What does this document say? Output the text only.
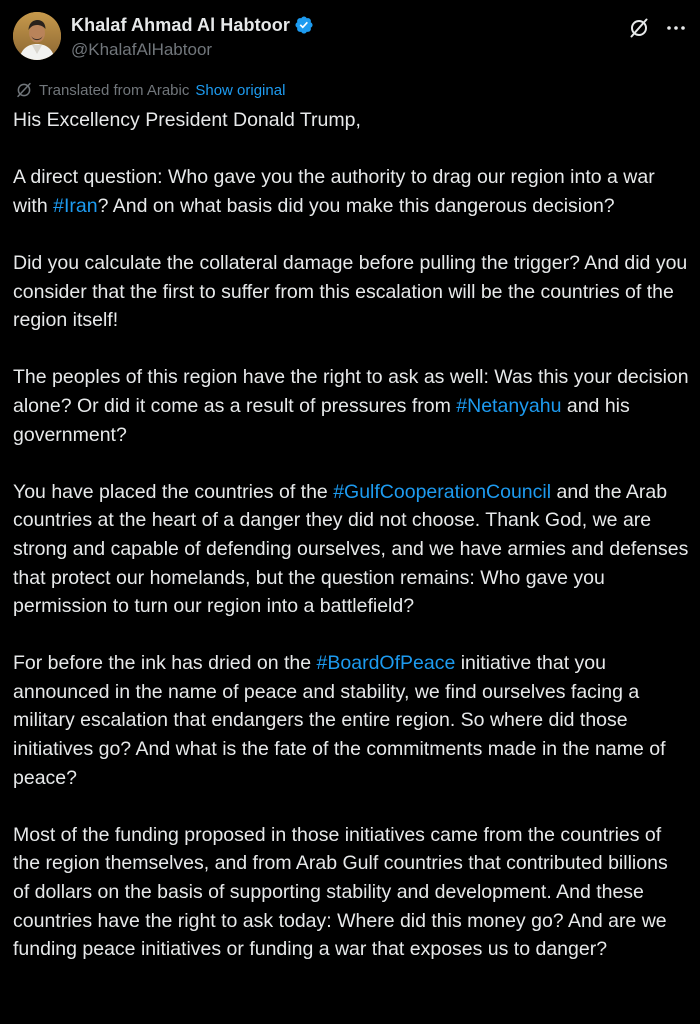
Khalaf Ahmad Al Habtoor
@KhalafAlHabtoor
Translated from Arabic Show original

His Excellency President Donald Trump,

A direct question: Who gave you the authority to drag our region into a war with #Iran? And on what basis did you make this dangerous decision?

Did you calculate the collateral damage before pulling the trigger? And did you consider that the first to suffer from this escalation will be the countries of the region itself!

The peoples of this region have the right to ask as well: Was this your decision alone? Or did it come as a result of pressures from #Netanyahu and his government?

You have placed the countries of the #GulfCooperationCouncil and the Arab countries at the heart of a danger they did not choose. Thank God, we are strong and capable of defending ourselves, and we have armies and defenses that protect our homelands, but the question remains: Who gave you permission to turn our region into a battlefield?

For before the ink has dried on the #BoardOfPeace initiative that you announced in the name of peace and stability, we find ourselves facing a military escalation that endangers the entire region. So where did those initiatives go? And what is the fate of the commitments made in the name of peace?

Most of the funding proposed in those initiatives came from the countries of the region themselves, and from Arab Gulf countries that contributed billions of dollars on the basis of supporting stability and development. And these countries have the right to ask today: Where did this money go? And are we funding peace initiatives or funding a war that exposes us to danger?
